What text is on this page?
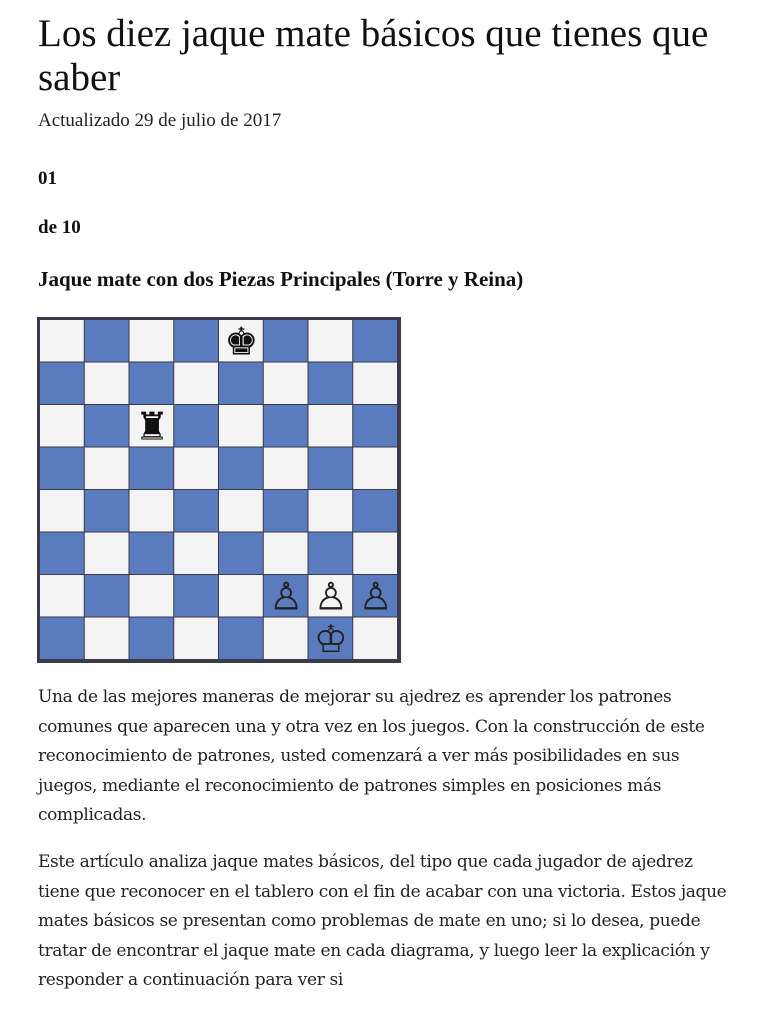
Los diez jaque mate básicos que tienes que saber
Actualizado 29 de julio de 2017
01
de 10
Jaque mate con dos Piezas Principales (Torre y Reina)
♚
♜
♙ ♙ ♙
♔

Una de las mejores maneras de mejorar su ajedrez es aprender los patrones comunes que aparecen una y otra vez en los juegos. Con la construcción de este reconocimiento de patrones, usted comenzará a ver más posibilidades en sus juegos, mediante el reconocimiento de patrones simples en posiciones más complicadas.

Este artículo analiza jaque mates básicos, del tipo que cada jugador de ajedrez tiene que reconocer en el tablero con el fin de acabar con una victoria. Estos jaque mates básicos se presentan como problemas de mate en uno; si lo desea, puede tratar de encontrar el jaque mate en cada diagrama, y luego leer la explicación y responder a continuación para ver si
